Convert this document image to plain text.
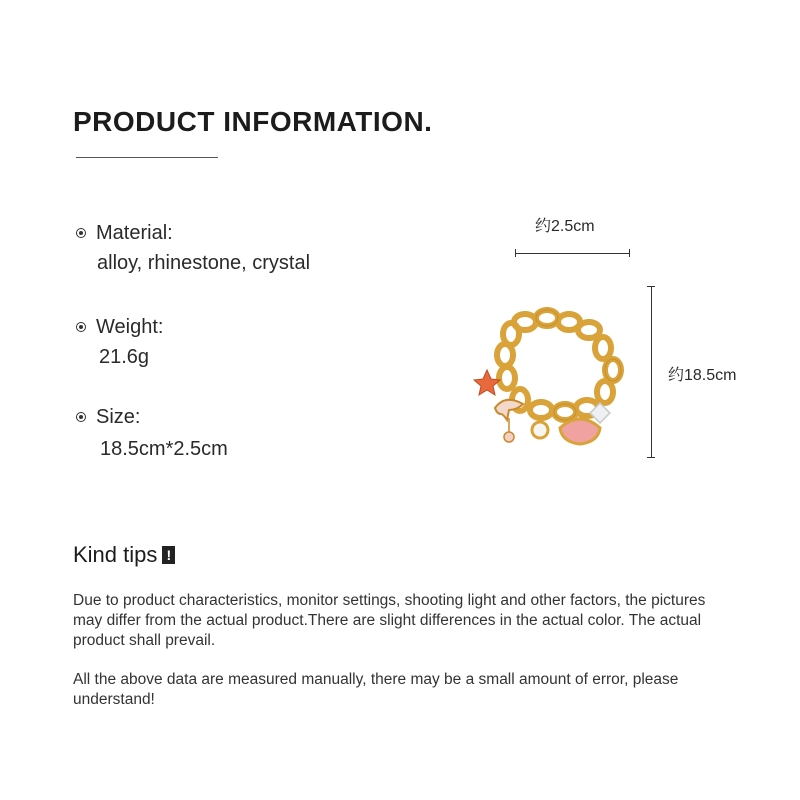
PRODUCT INFORMATION.
Material:
alloy, rhinestone, crystal
Weight:
21.6g
Size:
18.5cm*2.5cm
约2.5cm
约18.5cm
Kind tips !
Due to product characteristics, monitor settings, shooting light and other factors, the pictures may differ from the actual product.There are slight differences in the actual color. The actual product shall prevail.
All the above data are measured manually, there may be a small amount of error, please understand!
